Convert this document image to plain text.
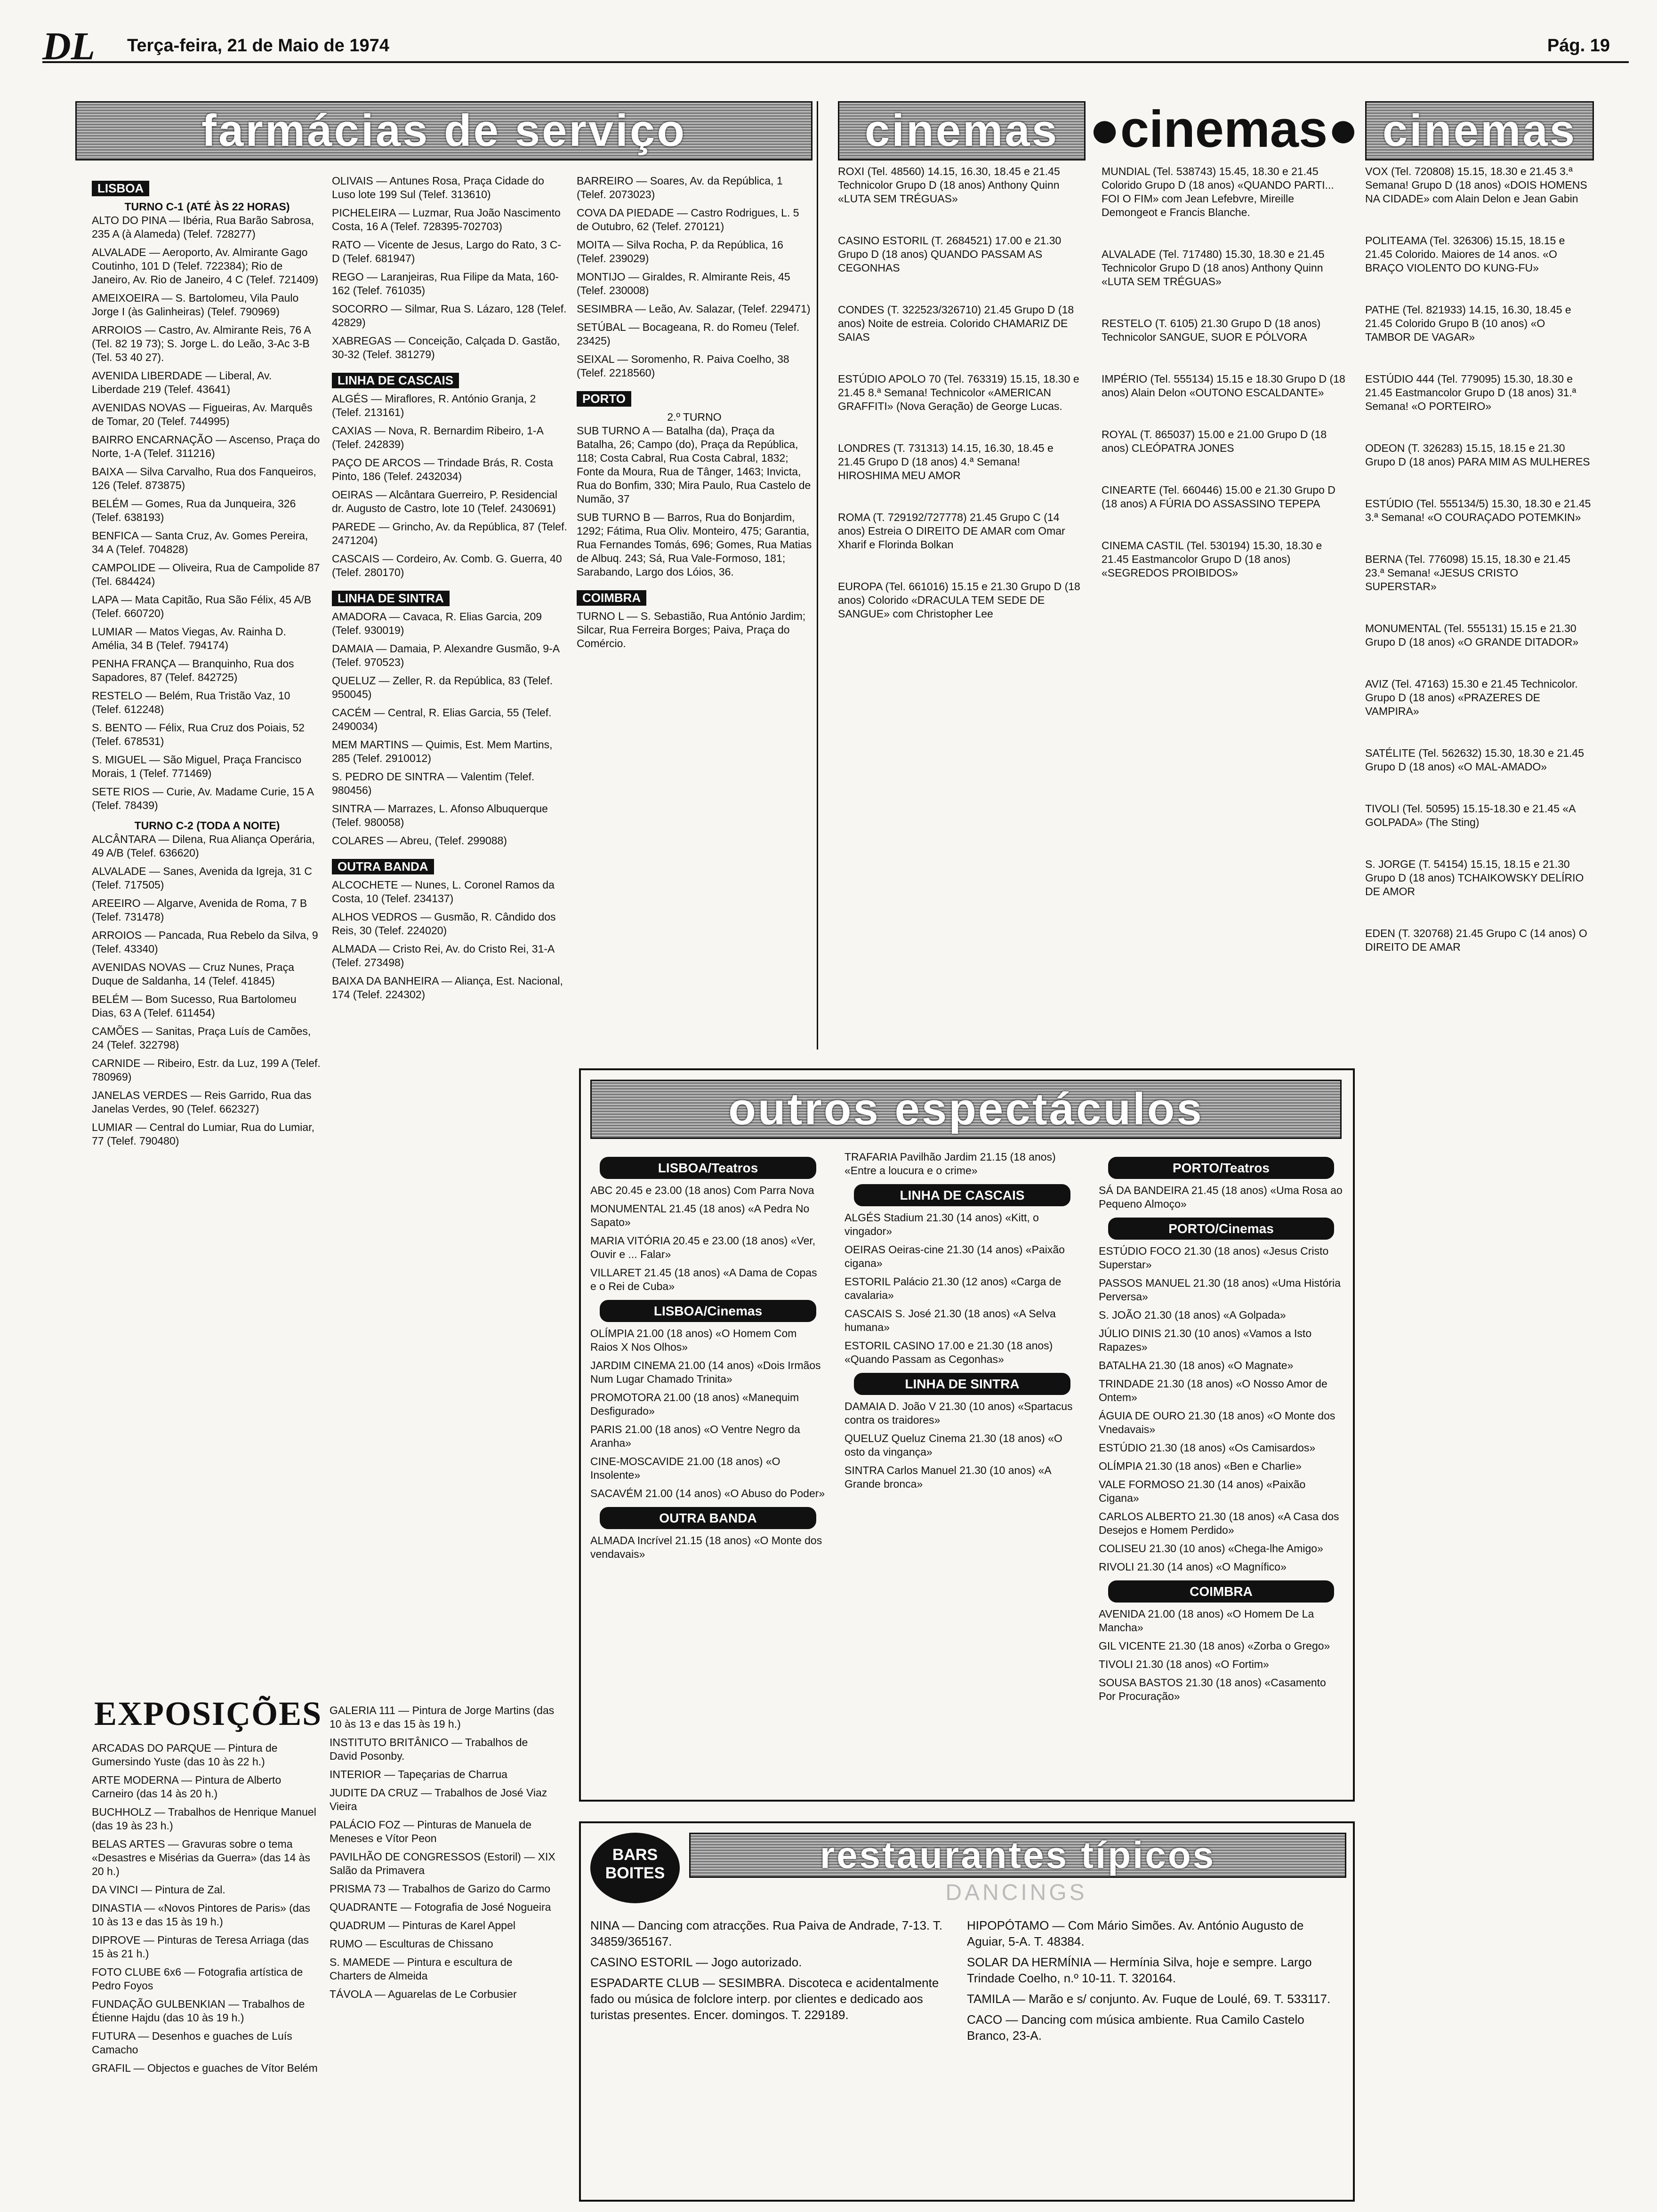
DL Terça-feira, 21 de Maio de 1974	Pág. 19
farmácias de serviço	cinemas ●cinemas● cinemas
LISBOA
TURNO C-1 (ATÉ ÀS 22 HORAS)
ALTO DO PINA — Ibéria, Rua Barão Sabrosa, 235 A (à Alameda) (Telef. 728277)
ALVALADE — Aeroporto, Av. Almirante Gago Coutinho, 101 D (Telef. 722384); Rio de Janeiro, Av. Rio de Janeiro, 4 C (Telef. 721409)
AMEIXOEIRA — S. Bartolomeu, Vila Paulo Jorge I (às Galinheiras) (Telef. 790969)
ARROIOS — Castro, Av. Almirante Reis, 76 A (Tel. 82 19 73); S. Jorge L. do Leão, 3-Ac 3-B (Tel. 53 40 27).
AVENIDA LIBERDADE — Liberal, Av. Liberdade 219 (Telef. 43641)
AVENIDAS NOVAS — Figueiras, Av. Marquês de Tomar, 20 (Telef. 744995)
BAIRRO ENCARNAÇÃO — Ascenso, Praça do Norte, 1-A (Telef. 311216)
BAIXA — Silva Carvalho, Rua dos Fanqueiros, 126 (Telef. 873875)
BELÉM — Gomes, Rua da Junqueira, 326 (Telef. 638193)
BENFICA — Santa Cruz, Av. Gomes Pereira, 34 A (Telef. 704828)
CAMPOLIDE — Oliveira, Rua de Campolide 87 (Tel. 684424)
LAPA — Mata Capitão, Rua São Félix, 45 A/B (Telef. 660720)
LUMIAR — Matos Viegas, Av. Rainha D. Amélia, 34 B (Telef. 794174)
PENHA FRANÇA — Branquinho, Rua dos Sapadores, 87 (Telef. 842725)
RESTELO — Belém, Rua Tristão Vaz, 10 (Telef. 612248)
S. BENTO — Félix, Rua Cruz dos Poiais, 52 (Telef. 678531)
S. MIGUEL — São Miguel, Praça Francisco Morais, 1 (Telef. 771469)
SETE RIOS — Curie, Av. Madame Curie, 15 A (Telef. 78439)
TURNO C-2 (TODA A NOITE)
ALCÂNTARA — Dilena, Rua Aliança Operária, 49 A/B (Telef. 636620)
ALVALADE — Sanes, Avenida da Igreja, 31 C (Telef. 717505)
AREEIRO — Algarve, Avenida de Roma, 7 B (Telef. 731478)
ARROIOS — Pancada, Rua Rebelo da Silva, 9 (Telef. 43340)
AVENIDAS NOVAS — Cruz Nunes, Praça Duque de Saldanha, 14 (Telef. 41845)
BELÉM — Bom Sucesso, Rua Bartolomeu Dias, 63 A (Telef. 611454)
CAMÕES — Sanitas, Praça Luís de Camões, 24 (Telef. 322798)
CARNIDE — Ribeiro, Estr. da Luz, 199 A (Telef. 780969)
JANELAS VERDES — Reis Garrido, Rua das Janelas Verdes, 90 (Telef. 662327)
LUMIAR — Central do Lumiar, Rua do Lumiar, 77 (Telef. 790480)
OLIVAIS — Antunes Rosa, Praça Cidade do Luso lote 199 Sul (Telef. 313610)
PICHELEIRA — Luzmar, Rua João Nascimento Costa, 16 A (Telef. 728395-702703)
RATO — Vicente de Jesus, Largo do Rato, 3 C-D (Telef. 681947)
REGO — Laranjeiras, Rua Filipe da Mata, 160-162 (Telef. 761035)
SOCORRO — Silmar, Rua S. Lázaro, 128 (Telef. 42829)
XABREGAS — Conceição, Calçada D. Gastão, 30-32 (Telef. 381279)
LINHA DE CASCAIS
ALGÉS — Miraflores, R. António Granja, 2 (Telef. 213161)
CAXIAS — Nova, R. Bernardim Ribeiro, 1-A (Telef. 242839)
PAÇO DE ARCOS — Trindade Brás, R. Costa Pinto, 186 (Telef. 2432034)
OEIRAS — Alcântara Guerreiro, P. Residencial dr. Augusto de Castro, lote 10 (Telef. 2430691)
PAREDE — Grincho, Av. da República, 87 (Telef. 2471204)
CASCAIS — Cordeiro, Av. Comb. G. Guerra, 40 (Telef. 280170)
LINHA DE SINTRA
AMADORA — Cavaca, R. Elias Garcia, 209 (Telef. 930019)
DAMAIA — Damaia, P. Alexandre Gusmão, 9-A (Telef. 970523)
QUELUZ — Zeller, R. da República, 83 (Telef. 950045)
CACÉM — Central, R. Elias Garcia, 55 (Telef. 2490034)
MEM MARTINS — Quimis, Est. Mem Martins, 285 (Telef. 2910012)
S. PEDRO DE SINTRA — Valentim (Telef. 980456)
SINTRA — Marrazes, L. Afonso Albuquerque (Telef. 980058)
COLARES — Abreu, (Telef. 299088)
OUTRA BANDA
ALCOCHETE — Nunes, L. Coronel Ramos da Costa, 10 (Telef. 234137)
ALHOS VEDROS — Gusmão, R. Cândido dos Reis, 30 (Telef. 224020)
ALMADA — Cristo Rei, Av. do Cristo Rei, 31-A (Telef. 273498)
BAIXA DA BANHEIRA — Aliança, Est. Nacional, 174 (Telef. 224302)
BARREIRO — Soares, Av. da República, 1 (Telef. 2073023)
COVA DA PIEDADE — Castro Rodrigues, L. 5 de Outubro, 62 (Telef. 270121)
MOITA — Silva Rocha, P. da República, 16 (Telef. 239029)
MONTIJO — Giraldes, R. Almirante Reis, 45 (Telef. 230008)
SESIMBRA — Leão, Av. Salazar, (Telef. 229471)
SETÚBAL — Bocageana, R. do Romeu (Telef. 23425)
SEIXAL — Soromenho, R. Paiva Coelho, 38 (Telef. 2218560)
PORTO
2.º TURNO
SUB TURNO A — Batalha (da), Praça da Batalha, 26; Campo (do), Praça da República, 118; Costa Cabral, Rua Costa Cabral, 1832; Fonte da Moura, Rua de Tânger, 1463; Invicta, Rua do Bonfim, 330; Mira Paulo, Rua Castelo de Numão, 37
SUB TURNO B — Barros, Rua do Bonjardim, 1292; Fátima, Rua Oliv. Monteiro, 475; Garantia, Rua Fernandes Tomás, 696; Gomes, Rua Matias de Albuq. 243; Sá, Rua Vale-Formoso, 181; Sarabando, Largo dos Lóios, 36.
COIMBRA
TURNO L — S. Sebastião, Rua António Jardim; Silcar, Rua Ferreira Borges; Paiva, Praça do Comércio.
ROXI (Tel. 48560) 14.15, 16.30, 18.45 e 21.45 Technicolor Grupo D (18 anos) Anthony Quinn «LUTA SEM TRÉGUAS»
CASINO ESTORIL (T. 2684521) 17.00 e 21.30 Grupo D (18 anos) QUANDO PASSAM AS CEGONHAS
CONDES (T. 322523/326710) 21.45 Grupo D (18 anos) Noite de estreia. Colorido CHAMARIZ DE SAIAS
ESTÚDIO APOLO 70 (Tel. 763319) 15.15, 18.30 e 21.45 8.ª Semana! Technicolor «AMERICAN GRAFFITI» (Nova Geração) de George Lucas.
LONDRES (T. 731313) 14.15, 16.30, 18.45 e 21.45 Grupo D (18 anos) 4.ª Semana! HIROSHIMA MEU AMOR
ROMA (T. 729192/727778) 21.45 Grupo C (14 anos) Estreia O DIREITO DE AMAR com Omar Xharif e Florinda Bolkan
EUROPA (Tel. 661016) 15.15 e 21.30 Grupo D (18 anos) Colorido «DRACULA TEM SEDE DE SANGUE» com Christopher Lee
MUNDIAL (Tel. 538743) 15.45, 18.30 e 21.45 Colorido Grupo D (18 anos) «QUANDO PARTI... FOI O FIM» com Jean Lefebvre, Mireille Demongeot e Francis Blanche.
ALVALADE (Tel. 717480) 15.30, 18.30 e 21.45 Technicolor Grupo D (18 anos) Anthony Quinn «LUTA SEM TRÉGUAS»
RESTELO (T. 6105) 21.30 Grupo D (18 anos) Technicolor SANGUE, SUOR E PÓLVORA
IMPÉRIO (Tel. 555134) 15.15 e 18.30 Grupo D (18 anos) Alain Delon «OUTONO ESCALDANTE»
ROYAL (T. 865037) 15.00 e 21.00 Grupo D (18 anos) CLEÓPATRA JONES
CINEARTE (Tel. 660446) 15.00 e 21.30 Grupo D (18 anos) A FÚRIA DO ASSASSINO TEPEPA
CINEMA CASTIL (Tel. 530194) 15.30, 18.30 e 21.45 Eastmancolor Grupo D (18 anos) «SEGREDOS PROIBIDOS»
VOX (Tel. 720808) 15.15, 18.30 e 21.45 3.ª Semana! Grupo D (18 anos) «DOIS HOMENS NA CIDADE» com Alain Delon e Jean Gabin
POLITEAMA (Tel. 326306) 15.15, 18.15 e 21.45 Colorido. Maiores de 14 anos. «O BRAÇO VIOLENTO DO KUNG-FU»
PATHE (Tel. 821933) 14.15, 16.30, 18.45 e 21.45 Colorido Grupo B (10 anos) «O TAMBOR DE VAGAR»
ESTÚDIO 444 (Tel. 779095) 15.30, 18.30 e 21.45 Eastmancolor Grupo D (18 anos) 31.ª Semana! «O PORTEIRO»
ODEON (T. 326283) 15.15, 18.15 e 21.30 Grupo D (18 anos) PARA MIM AS MULHERES
ESTÚDIO (Tel. 555134/5) 15.30, 18.30 e 21.45 3.ª Semana! «O COURAÇADO POTEMKIN»
BERNA (Tel. 776098) 15.15, 18.30 e 21.45 23.ª Semana! «JESUS CRISTO SUPERSTAR»
MONUMENTAL (Tel. 555131) 15.15 e 21.30 Grupo D (18 anos) «O GRANDE DITADOR»
AVIZ (Tel. 47163) 15.30 e 21.45 Technicolor. Grupo D (18 anos) «PRAZERES DE VAMPIRA»
SATÉLITE (Tel. 562632) 15.30, 18.30 e 21.45 Grupo D (18 anos) «O MAL-AMADO»
TIVOLI (Tel. 50595) 15.15-18.30 e 21.45 «A GOLPADA» (The Sting)
S. JORGE (T. 54154) 15.15, 18.15 e 21.30 Grupo D (18 anos) TCHAIKOWSKY DELÍRIO DE AMOR
EDEN (T. 320768) 21.45 Grupo C (14 anos) O DIREITO DE AMAR
outros espectáculos
LISBOA/Teatros
ABC 20.45 e 23.00 (18 anos) Com Parra Nova
MONUMENTAL 21.45 (18 anos) «A Pedra No Sapato»
MARIA VITÓRIA 20.45 e 23.00 (18 anos) «Ver, Ouvir e ... Falar»
VILLARET 21.45 (18 anos) «A Dama de Copas e o Rei de Cuba»
LISBOA/Cinemas
OLÍMPIA 21.00 (18 anos) «O Homem Com Raios X Nos Olhos»
JARDIM CINEMA 21.00 (14 anos) «Dois Irmãos Num Lugar Chamado Trinita»
PROMOTORA 21.00 (18 anos) «Manequim Desfigurado»
PARIS 21.00 (18 anos) «O Ventre Negro da Aranha»
CINE-MOSCAVIDE 21.00 (18 anos) «O Insolente»
SACAVÉM 21.00 (14 anos) «O Abuso do Poder»
OUTRA BANDA
ALMADA Incrível 21.15 (18 anos) «O Monte dos vendavais»
TRAFARIA Pavilhão Jardim 21.15 (18 anos) «Entre a loucura e o crime»
LINHA DE CASCAIS
ALGÉS Stadium 21.30 (14 anos) «Kitt, o vingador»
OEIRAS Oeiras-cine 21.30 (14 anos) «Paixão cigana»
ESTORIL Palácio 21.30 (12 anos) «Carga de cavalaria»
CASCAIS S. José 21.30 (18 anos) «A Selva humana»
ESTORIL CASINO 17.00 e 21.30 (18 anos) «Quando Passam as Cegonhas»
LINHA DE SINTRA
DAMAIA D. João V 21.30 (10 anos) «Spartacus contra os traidores»
QUELUZ Queluz Cinema 21.30 (18 anos) «O osto da vingança»
SINTRA Carlos Manuel 21.30 (10 anos) «A Grande bronca»
PORTO/Teatros
SÁ DA BANDEIRA 21.45 (18 anos) «Uma Rosa ao Pequeno Almoço»
PORTO/Cinemas
ESTÚDIO FOCO 21.30 (18 anos) «Jesus Cristo Superstar»
PASSOS MANUEL 21.30 (18 anos) «Uma História Perversa»
S. JOÃO 21.30 (18 anos) «A Golpada»
JÚLIO DINIS 21.30 (10 anos) «Vamos a Isto Rapazes»
BATALHA 21.30 (18 anos) «O Magnate»
TRINDADE 21.30 (18 anos) «O Nosso Amor de Ontem»
ÁGUIA DE OURO 21.30 (18 anos) «O Monte dos Vnedavais»
ESTÚDIO 21.30 (18 anos) «Os Camisardos»
OLÍMPIA 21.30 (18 anos) «Ben e Charlie»
VALE FORMOSO 21.30 (14 anos) «Paixão Cigana»
CARLOS ALBERTO 21.30 (18 anos) «A Casa dos Desejos e Homem Perdido»
COLISEU 21.30 (10 anos) «Chega-lhe Amigo»
RIVOLI 21.30 (14 anos) «O Magnífico»
COIMBRA
AVENIDA 21.00 (18 anos) «O Homem De La Mancha»
GIL VICENTE 21.30 (18 anos) «Zorba o Grego»
TIVOLI 21.30 (18 anos) «O Fortim»
SOUSA BASTOS 21.30 (18 anos) «Casamento Por Procuração»
EXPOSIÇÕES
ARCADAS DO PARQUE — Pintura de Gumersindo Yuste (das 10 às 22 h.)
ARTE MODERNA — Pintura de Alberto Carneiro (das 14 às 20 h.)
BUCHHOLZ — Trabalhos de Henrique Manuel (das 19 às 23 h.)
BELAS ARTES — Gravuras sobre o tema «Desastres e Misérias da Guerra» (das 14 às 20 h.)
DA VINCI — Pintura de Zal.
DINASTIA — «Novos Pintores de Paris» (das 10 às 13 e das 15 às 19 h.)
DIPROVE — Pinturas de Teresa Arriaga (das 15 às 21 h.)
FOTO CLUBE 6x6 — Fotografia artística de Pedro Foyos
FUNDAÇÃO GULBENKIAN — Trabalhos de Étienne Hajdu (das 10 às 19 h.)
FUTURA — Desenhos e guaches de Luís Camacho
GRAFIL — Objectos e guaches de Vítor Belém
GALERIA 111 — Pintura de Jorge Martins (das 10 às 13 e das 15 às 19 h.)
INSTITUTO BRITÂNICO — Trabalhos de David Posonby.
INTERIOR — Tapeçarias de Charrua
JUDITE DA CRUZ — Trabalhos de José Viaz Vieira
PALÁCIO FOZ — Pinturas de Manuela de Meneses e Vítor Peon
PAVILHÃO DE CONGRESSOS (Estoril) — XIX Salão da Primavera
PRISMA 73 — Trabalhos de Garizo do Carmo
QUADRANTE — Fotografia de José Nogueira
QUADRUM — Pinturas de Karel Appel
RUMO — Esculturas de Chissano
S. MAMEDE — Pintura e escultura de Charters de Almeida
TÁVOLA — Aguarelas de Le Corbusier
BARS BOITES	restaurantes típicos
DANCINGS
NINA — Dancing com atracções. Rua Paiva de Andrade, 7-13. T. 34859/365167.
CASINO ESTORIL — Jogo autorizado.
ESPADARTE CLUB — SESIMBRA. Discoteca e acidentalmente fado ou música de folclore interp. por clientes e dedicado aos turistas presentes. Encer. domingos. T. 229189.
HIPOPÓTAMO — Com Mário Simões. Av. António Augusto de Aguiar, 5-A. T. 48384.
SOLAR DA HERMÍNIA — Hermínia Silva, hoje e sempre. Largo Trindade Coelho, n.º 10-11. T. 320164.
TAMILA — Marão e s/ conjunto. Av. Fuque de Loulé, 69. T. 533117.
CACO — Dancing com música ambiente. Rua Camilo Castelo Branco, 23-A.
